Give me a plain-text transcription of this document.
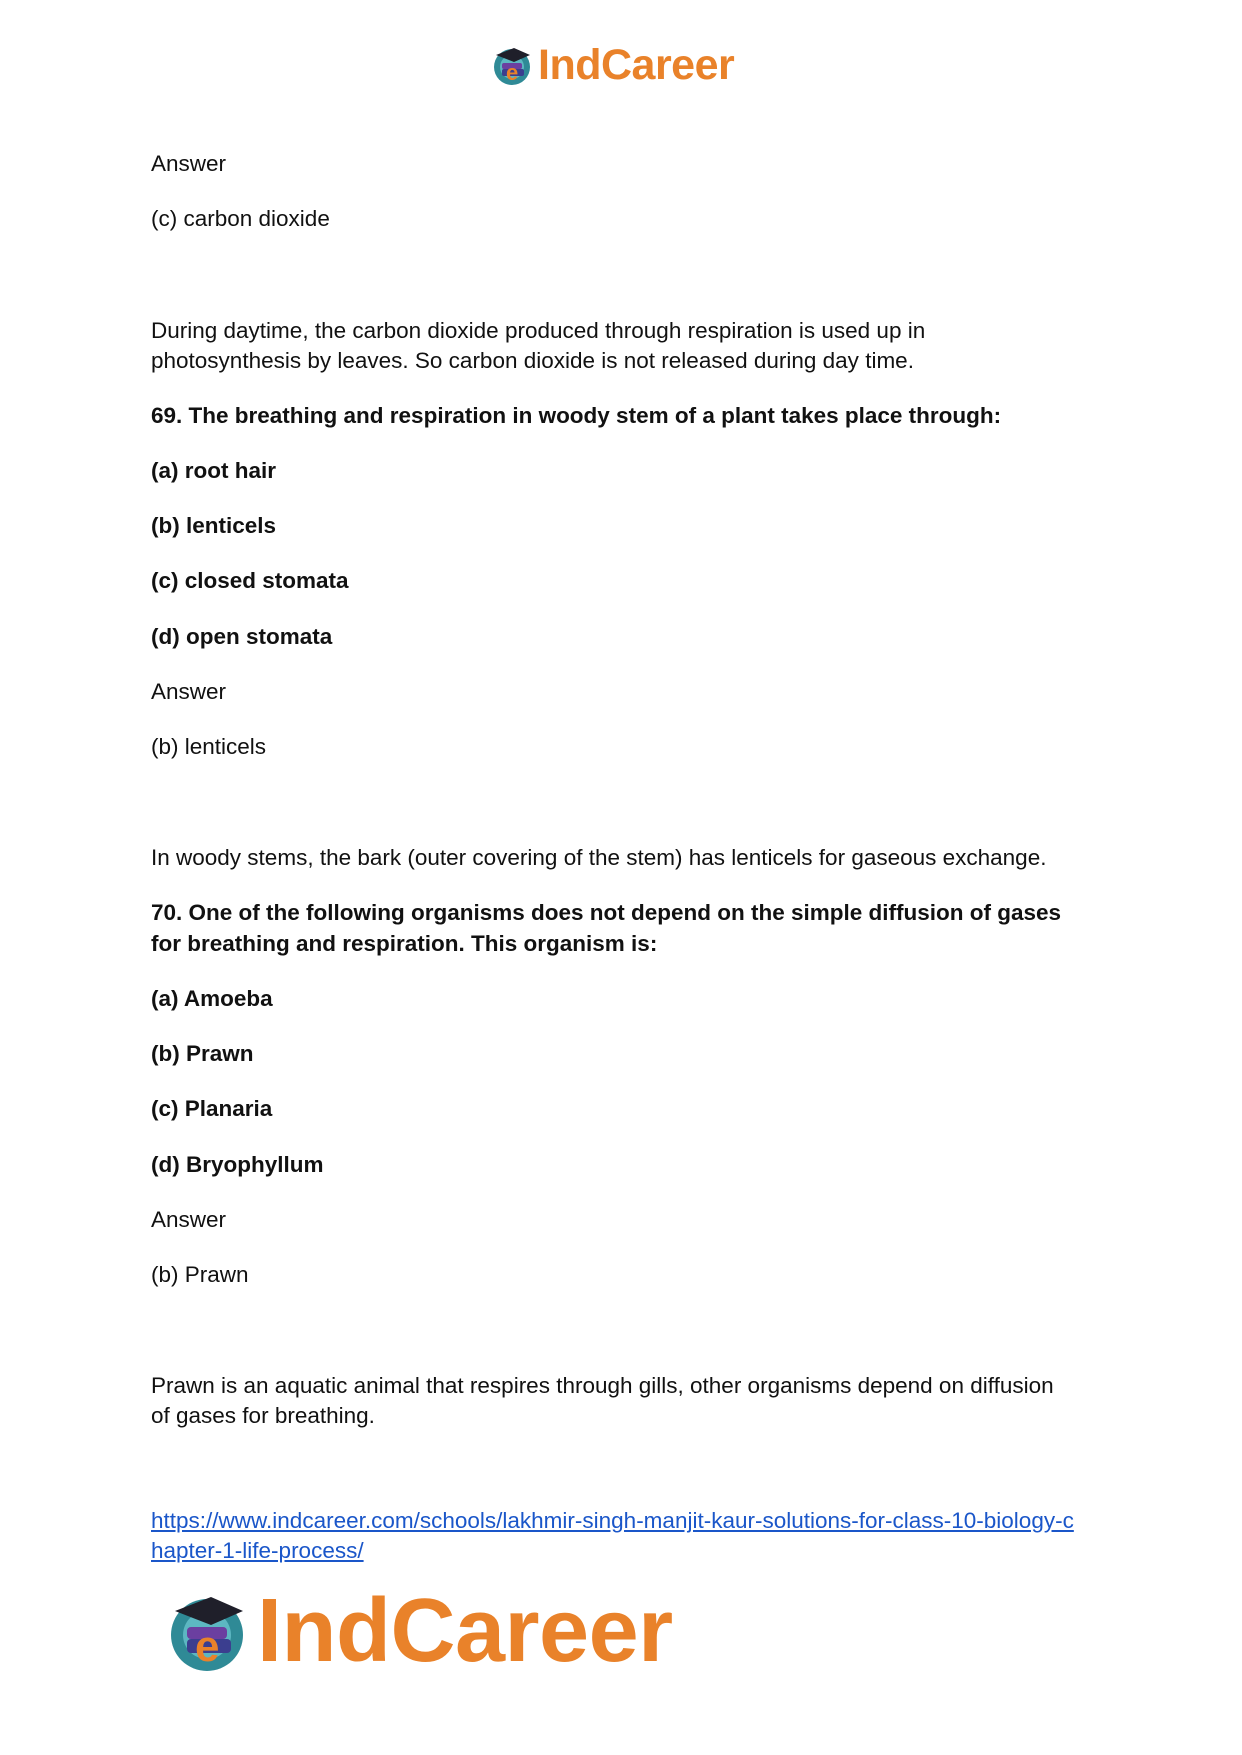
e IndCareer
Answer
(c) carbon dioxide
During daytime, the carbon dioxide produced through respiration is used up in
photosynthesis by leaves. So carbon dioxide is not released during day time.
69. The breathing and respiration in woody stem of a plant takes place through:
(a) root hair
(b) lenticels
(c) closed stomata
(d) open stomata
Answer
(b) lenticels
In woody stems, the bark (outer covering of the stem) has lenticels for gaseous exchange.
70. One of the following organisms does not depend on the simple diffusion of gases
for breathing and respiration. This organism is:
(a) Amoeba
(b) Prawn
(c) Planaria
(d) Bryophyllum
Answer
(b) Prawn
Prawn is an aquatic animal that respires through gills, other organisms depend on diffusion
of gases for breathing.
https://www.indcareer.com/schools/lakhmir-singh-manjit-kaur-solutions-for-class-10-biology-c
hapter-1-life-process/
e IndCareer
